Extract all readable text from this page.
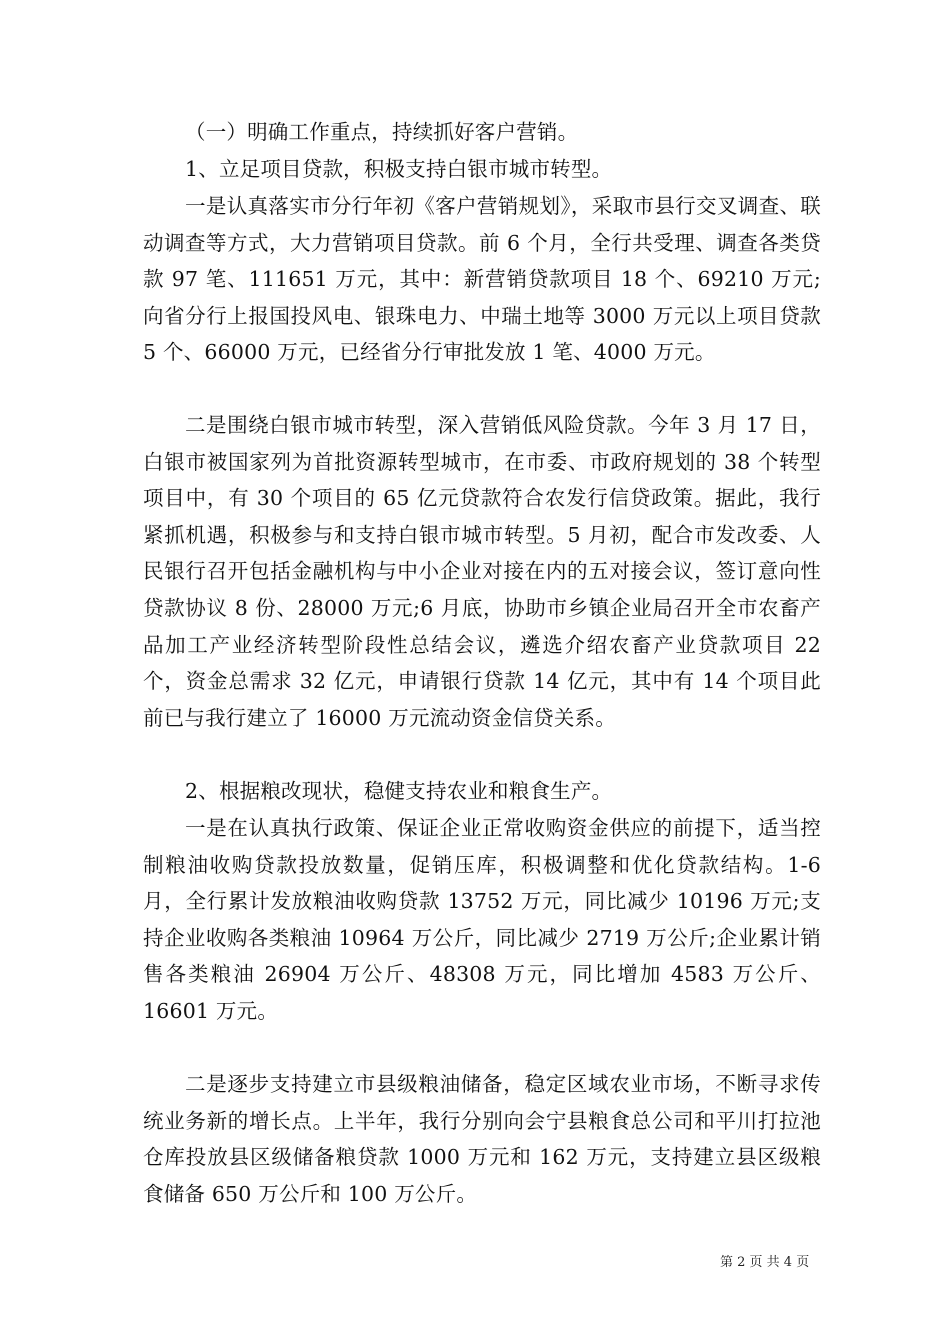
（一）明确工作重点，持续抓好客户营销。

1、立足项目贷款，积极支持白银市城市转型。

一是认真落实市分行年初《客户营销规划》，采取市县行交叉调查、联动调查等方式，大力营销项目贷款。前 6 个月，全行共受理、调查各类贷款 97 笔、111651 万元，其中：新营销贷款项目 18 个、69210 万元;向省分行上报国投风电、银珠电力、中瑞土地等 3000 万元以上项目贷款 5 个、66000 万元，已经省分行审批发放 1 笔、4000 万元。

二是围绕白银市城市转型，深入营销低风险贷款。今年 3 月 17 日，白银市被国家列为首批资源转型城市，在市委、市政府规划的 38 个转型项目中，有 30 个项目的 65 亿元贷款符合农发行信贷政策。据此，我行紧抓机遇，积极参与和支持白银市城市转型。5 月初，配合市发改委、人民银行召开包括金融机构与中小企业对接在内的五对接会议，签订意向性贷款协议 8 份、28000 万元;6 月底，协助市乡镇企业局召开全市农畜产品加工产业经济转型阶段性总结会议，遴选介绍农畜产业贷款项目 22 个，资金总需求 32 亿元，申请银行贷款 14 亿元，其中有 14 个项目此前已与我行建立了 16000 万元流动资金信贷关系。

2、根据粮改现状，稳健支持农业和粮食生产。

一是在认真执行政策、保证企业正常收购资金供应的前提下，适当控制粮油收购贷款投放数量，促销压库，积极调整和优化贷款结构。1-6 月，全行累计发放粮油收购贷款 13752 万元，同比减少 10196 万元;支持企业收购各类粮油 10964 万公斤，同比减少 2719 万公斤;企业累计销售各类粮油 26904 万公斤、48308 万元，同比增加 4583 万公斤、16601 万元。

二是逐步支持建立市县级粮油储备，稳定区域农业市场，不断寻求传统业务新的增长点。上半年，我行分别向会宁县粮食总公司和平川打拉池仓库投放县区级储备粮贷款 1000 万元和 162 万元，支持建立县区级粮食储备 650 万公斤和 100 万公斤。

第 2 页 共 4 页
